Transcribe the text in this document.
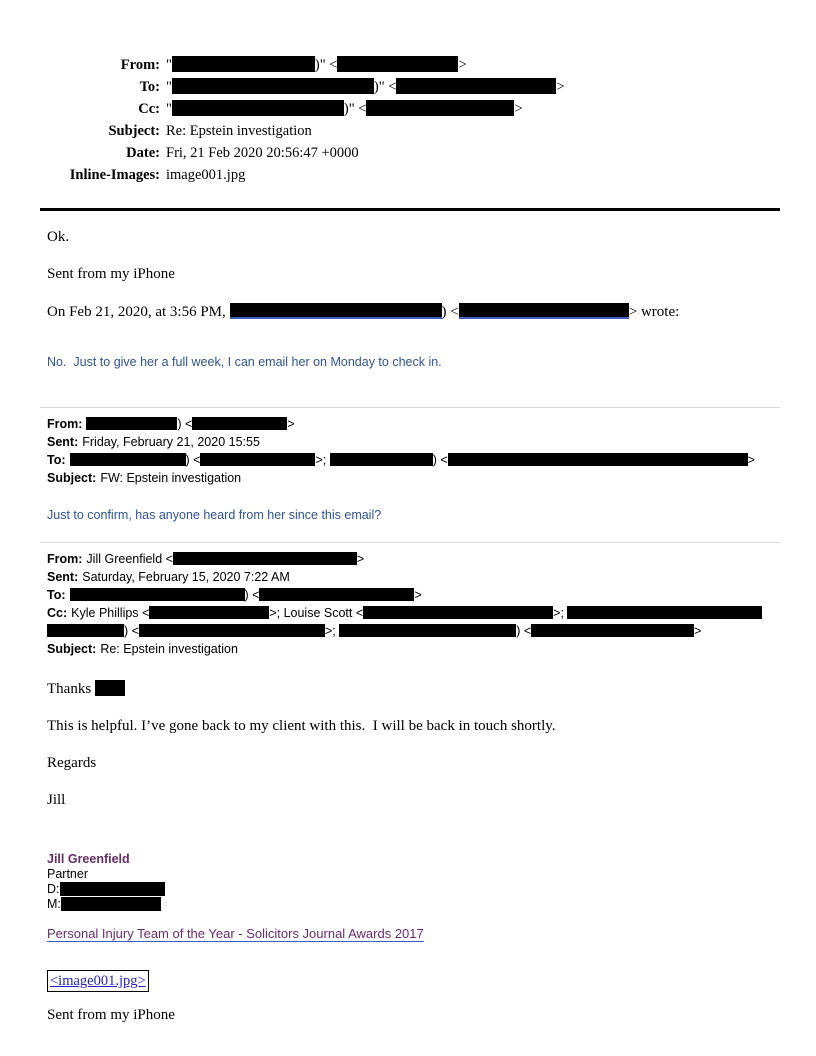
From: "	)" <	>
To: "	)" <	>
Cc: "	)" <	>
Subject: Re: Epstein investigation
Date: Fri, 21 Feb 2020 20:56:47 +0000
Inline-Images: image001.jpg
Ok.
Sent from my iPhone
On Feb 21, 2020, at 3:56 PM,	) <	> wrote:
No.  Just to give her a full week, I can email her on Monday to check in.
From:	) <	>
Sent: Friday, February 21, 2020 15:55
To:	) <	>;	) <	>
Subject: FW: Epstein investigation
Just to confirm, has anyone heard from her since this email?
From: Jill Greenfield <	>
Sent: Saturday, February 15, 2020 7:22 AM
To:	) <	>
Cc: Kyle Phillips <	>; Louise Scott <	>;
) <	>;	) <	>
Subject: Re: Epstein investigation
Thanks
This is helpful. I’ve gone back to my client with this.  I will be back in touch shortly.
Regards
Jill
Jill Greenfield
Partner
D:
M:
Personal Injury Team of the Year - Solicitors Journal Awards 2017
<image001.jpg>
Sent from my iPhone
